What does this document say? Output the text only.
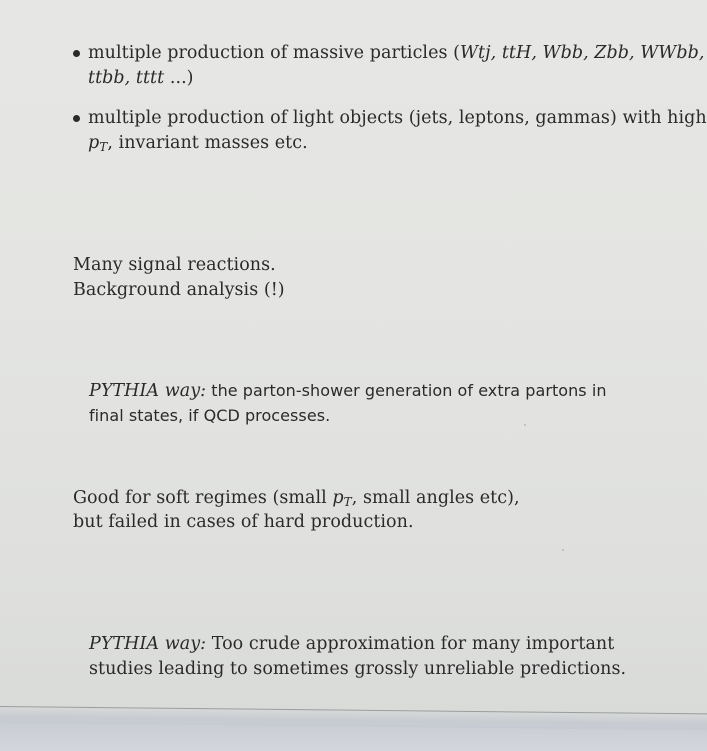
multiple production of massive particles (Wtj, ttH, Wbb, Zbb, WWbb,
ttbb, tttt ...)
multiple production of light objects (jets, leptons, gammas) with high
$p_T$, invariant masses etc.
Many signal reactions.
Background analysis (!)
PYTHIA way: the parton-shower generation of extra partons in
final states, if QCD processes.
Good for soft regimes (small $p_T$, small angles etc),
but failed in cases of hard production.
PYTHIA way: Too crude approximation for many important
studies leading to sometimes grossly unreliable predictions.
